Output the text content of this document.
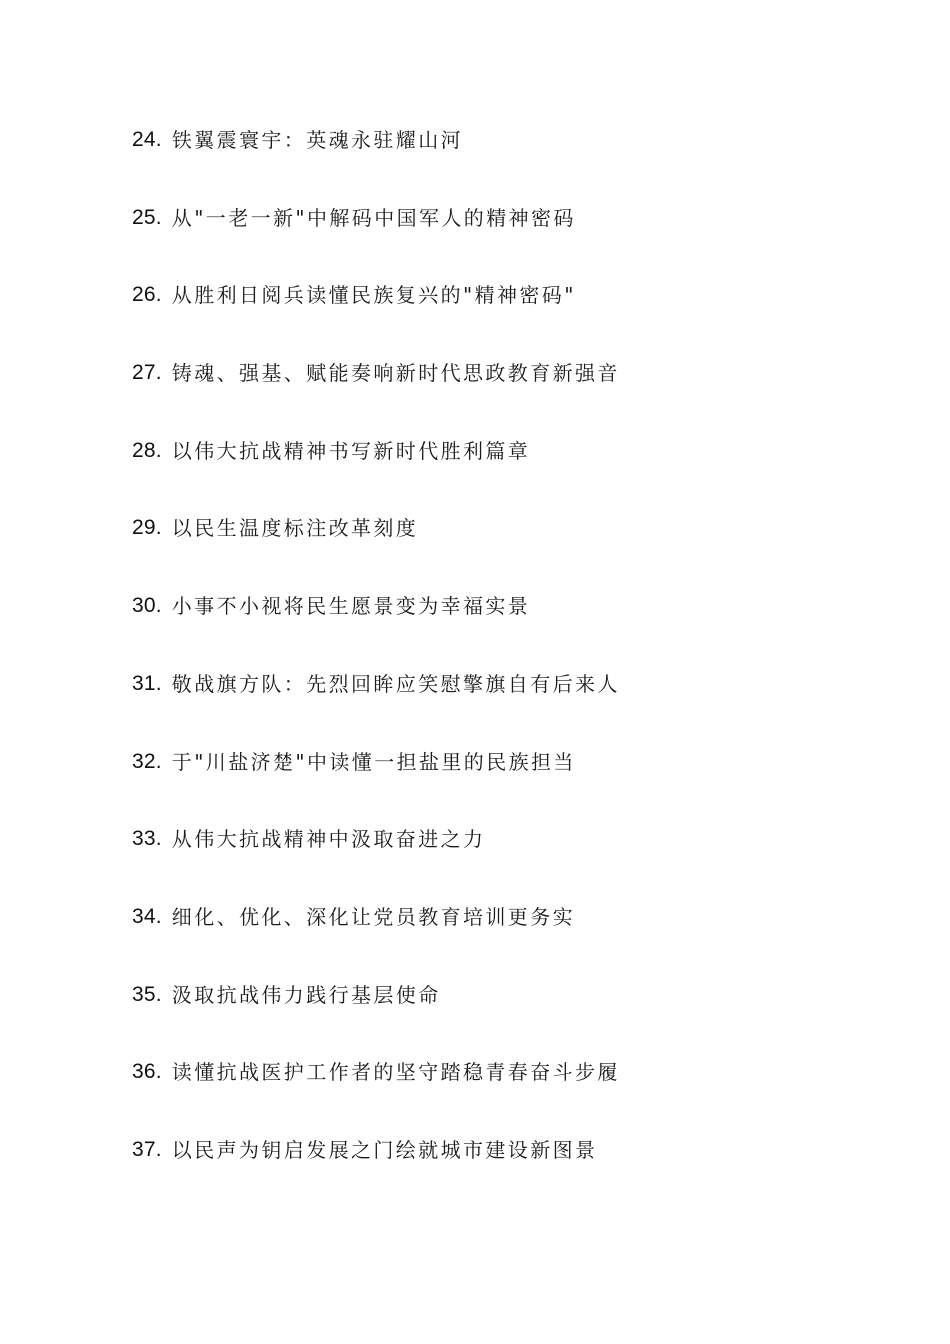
24. 铁翼震寰宇：英魂永驻耀山河
25. 从"一老一新"中解码中国军人的精神密码
26. 从胜利日阅兵读懂民族复兴的"精神密码"
27. 铸魂、强基、赋能奏响新时代思政教育新强音
28. 以伟大抗战精神书写新时代胜利篇章
29. 以民生温度标注改革刻度
30. 小事不小视将民生愿景变为幸福实景
31. 敬战旗方队：先烈回眸应笑慰擎旗自有后来人
32. 于"川盐济楚"中读懂一担盐里的民族担当
33. 从伟大抗战精神中汲取奋进之力
34. 细化、优化、深化让党员教育培训更务实
35. 汲取抗战伟力践行基层使命
36. 读懂抗战医护工作者的坚守踏稳青春奋斗步履
37. 以民声为钥启发展之门绘就城市建设新图景
